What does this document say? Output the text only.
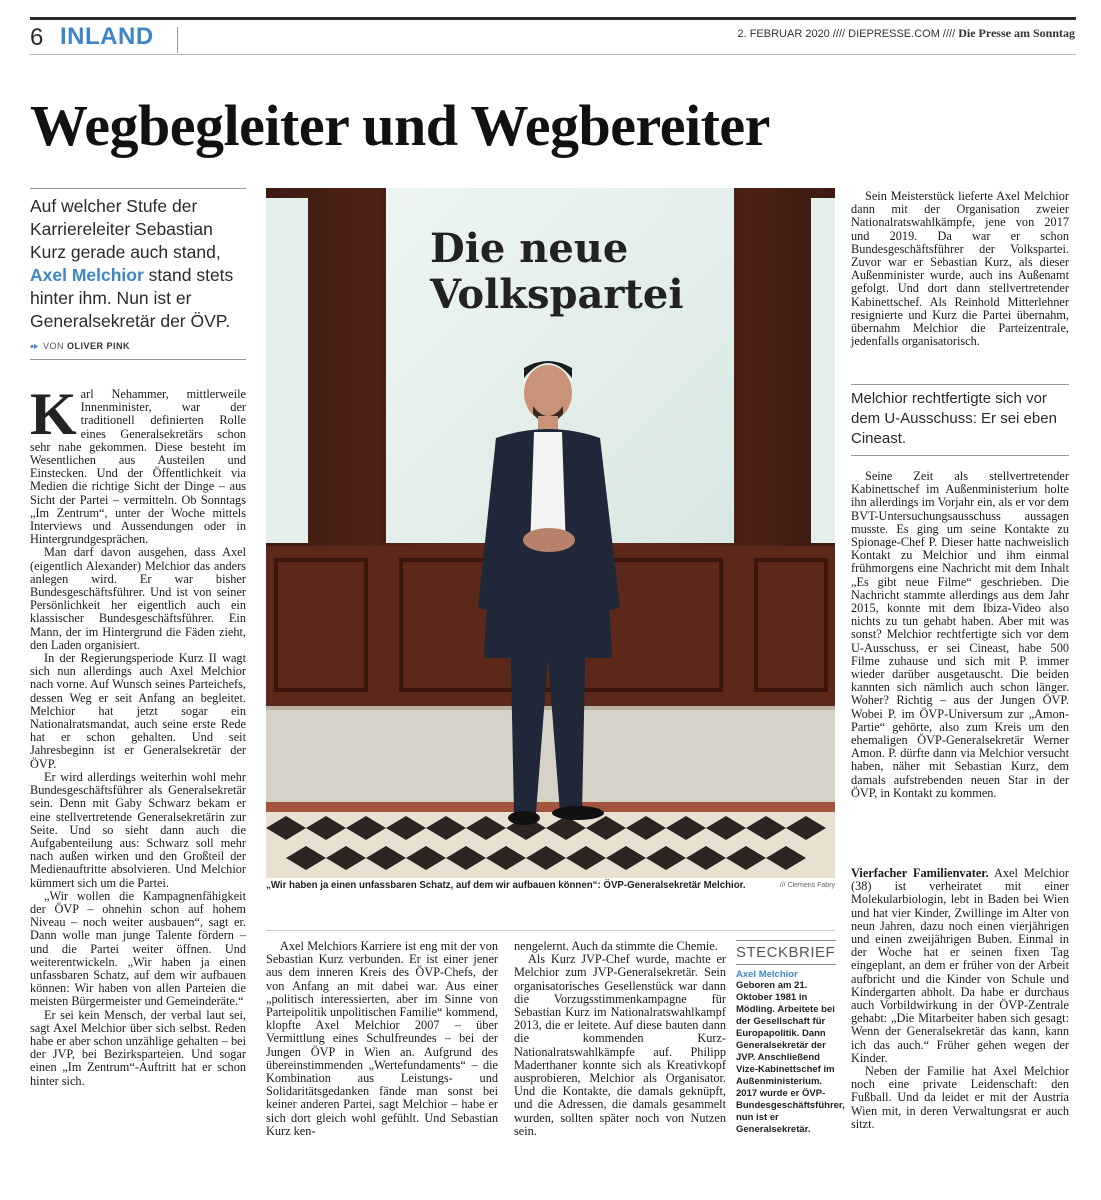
6 INLAND	2. FEBRUAR 2020 //// DIEPRESSE.COM //// Die Presse am Sonntag
Wegbegleiter und Wegbereiter
Auf welcher Stufe der Karriereleiter Sebastian Kurz gerade auch stand, Axel Melchior stand stets hinter ihm. Nun ist er Generalsekretär der ÖVP.
VON OLIVER PINK

Karl Nehammer, mittlerweile Innenminister, war der traditionell definierten Rolle eines Generalsekretärs schon sehr nahe gekommen. Diese besteht im Wesentlichen aus Austeilen und Einstecken. Und der Öffentlichkeit via Medien die richtige Sicht der Dinge – aus Sicht der Partei – vermitteln. Ob Sonntags „Im Zentrum“, unter der Woche mittels Interviews und Aussendungen oder in Hintergrundgesprächen.

Man darf davon ausgehen, dass Axel (eigentlich Alexander) Melchior das anders anlegen wird. Er war bisher Bundesgeschäftsführer. Und ist von seiner Persönlichkeit her eigentlich auch ein klassischer Bundesgeschäftsführer. Ein Mann, der im Hintergrund die Fäden zieht, den Laden organisiert.

In der Regierungsperiode Kurz II wagt sich nun allerdings auch Axel Melchior nach vorne. Auf Wunsch seines Parteichefs, dessen Weg er seit Anfang an begleitet. Melchior hat jetzt sogar ein Nationalratsmandat, auch seine erste Rede hat er schon gehalten. Und seit Jahresbeginn ist er Generalsekretär der ÖVP.

Er wird allerdings weiterhin wohl mehr Bundesgeschäftsführer als Generalsekretär sein. Denn mit Gaby Schwarz bekam er eine stellvertretende Generalsekretärin zur Seite. Und so sieht dann auch die Aufgabenteilung aus: Schwarz soll mehr nach außen wirken und den Großteil der Medienauftritte absolvieren. Und Melchior kümmert sich um die Partei.

„Wir wollen die Kampagnenfähigkeit der ÖVP – ohnehin schon auf hohem Niveau – noch weiter ausbauen“, sagt er. Dann wolle man junge Talente fördern – und die Partei weiter öffnen. Und weiterentwickeln. „Wir haben ja einen unfassbaren Schatz, auf dem wir aufbauen können: Wir haben von allen Parteien die meisten Bürgermeister und Gemeinderäte.“

Er sei kein Mensch, der verbal laut sei, sagt Axel Melchior über sich selbst. Reden habe er aber schon unzählige gehalten – bei der JVP, bei Bezirksparteien. Und sogar einen „Im Zentrum“-Auftritt hat er schon hinter sich.

Die neue
Volkspartei
„Wir haben ja einen unfassbaren Schatz, auf dem wir aufbauen können“: ÖVP-Generalsekretär Melchior.	/// Clemens Fabry

Axel Melchiors Karriere ist eng mit der von Sebastian Kurz verbunden. Er ist einer jener aus dem inneren Kreis des ÖVP-Chefs, der von Anfang an mit dabei war. Aus einer „politisch interessierten, aber im Sinne von Parteipolitik unpolitischen Familie“ kommend, klopfte Axel Melchior 2007 – über Vermittlung eines Schulfreundes – bei der Jungen ÖVP in Wien an. Aufgrund des übereinstimmenden „Wertefundaments“ – die Kombination aus Leistungs- und Solidaritätsgedanken fände man sonst bei keiner anderen Partei, sagt Melchior – habe er sich dort gleich wohl gefühlt. Und Sebastian Kurz ken-

nengelernt. Auch da stimmte die Chemie.

Als Kurz JVP-Chef wurde, machte er Melchior zum JVP-Generalsekretär. Sein organisatorisches Gesellenstück war dann die Vorzugsstimmenkampagne für Sebastian Kurz im Nationalratswahlkampf 2013, die er leitete. Auf diese bauten dann die kommenden Kurz-Nationalratswahlkämpfe auf. Philipp Maderthaner konnte sich als Kreativkopf ausprobieren, Melchior als Organisator. Und die Kontakte, die damals geknüpft, und die Adressen, die damals gesammelt wurden, sollten später noch von Nutzen sein.

STECKBRIEF
Axel Melchior
Geboren am 21. Oktober 1981 in Mödling. Arbeitete bei der Gesellschaft für Europapolitik. Dann Generalsekretär der JVP. Anschließend Vize-Kabinettschef im Außenministerium. 2017 wurde er ÖVP-Bundesgeschäftsführer, nun ist er Generalsekretär.

Sein Meisterstück lieferte Axel Melchior dann mit der Organisation zweier Nationalratswahlkämpfe, jene von 2017 und 2019. Da war er schon Bundesgeschäftsführer der Volkspartei. Zuvor war er Sebastian Kurz, als dieser Außenminister wurde, auch ins Außenamt gefolgt. Und dort dann stellvertretender Kabinettschef. Als Reinhold Mitterlehner resignierte und Kurz die Partei übernahm, übernahm Melchior die Parteizentrale, jedenfalls organisatorisch.

Melchior rechtfertigte sich vor dem U-Ausschuss: Er sei eben Cineast.

Seine Zeit als stellvertretender Kabinettschef im Außenministerium holte ihn allerdings im Vorjahr ein, als er vor dem BVT-Untersuchungsausschuss aussagen musste. Es ging um seine Kontakte zu Spionage-Chef P. Dieser hatte nachweislich Kontakt zu Melchior und ihm einmal frühmorgens eine Nachricht mit dem Inhalt „Es gibt neue Filme“ geschrieben. Die Nachricht stammte allerdings aus dem Jahr 2015, konnte mit dem Ibiza-Video also nichts zu tun gehabt haben. Aber mit was sonst? Melchior rechtfertigte sich vor dem U-Ausschuss, er sei Cineast, habe 500 Filme zuhause und sich mit P. immer wieder darüber ausgetauscht. Die beiden kannten sich nämlich auch schon länger. Woher? Richtig – aus der Jungen ÖVP. Wobei P. im ÖVP-Universum zur „Amon-Partie“ gehörte, also zum Kreis um den ehemaligen ÖVP-Generalsekretär Werner Amon. P. dürfte dann via Melchior versucht haben, näher mit Sebastian Kurz, dem damals aufstrebenden neuen Star in der ÖVP, in Kontakt zu kommen.

Vierfacher Familienvater. Axel Melchior (38) ist verheiratet mit einer Molekularbiologin, lebt in Baden bei Wien und hat vier Kinder, Zwillinge im Alter von neun Jahren, dazu noch einen vierjährigen und einen zweijährigen Buben. Einmal in der Woche hat er seinen fixen Tag eingeplant, an dem er früher von der Arbeit aufbricht und die Kinder von Schule und Kindergarten abholt. Da habe er durchaus auch Vorbildwirkung in der ÖVP-Zentrale gehabt: „Die Mitarbeiter haben sich gesagt: Wenn der Generalsekretär das kann, kann ich das auch.“ Früher gehen wegen der Kinder.

Neben der Familie hat Axel Melchior noch eine private Leidenschaft: den Fußball. Und da leidet er mit der Austria Wien mit, in deren Verwaltungsrat er auch sitzt.
